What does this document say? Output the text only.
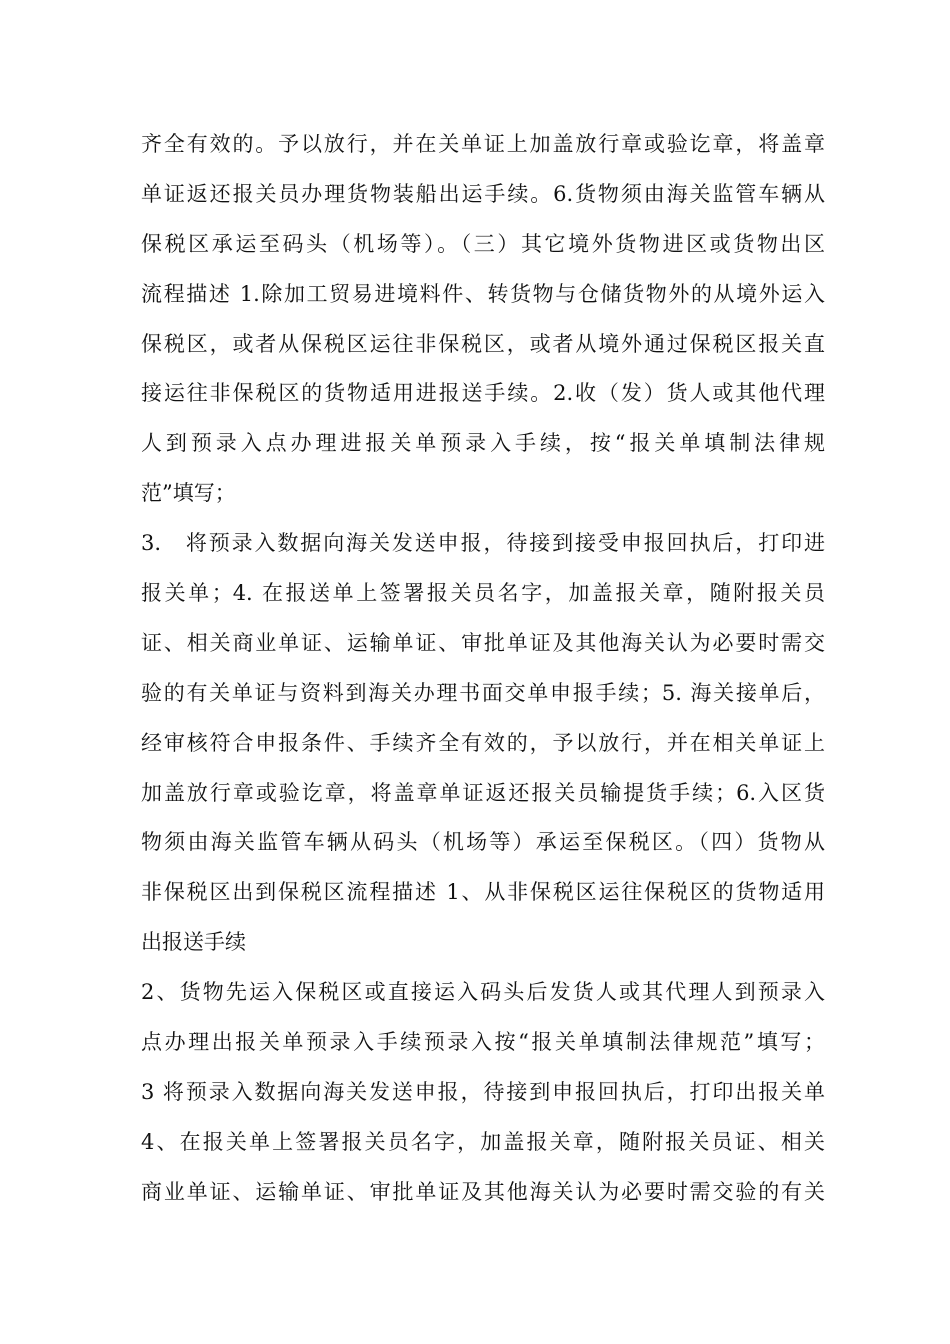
齐全有效的。予以放行，并在关单证上加盖放行章或验讫章，将盖章
单证返还报关员办理货物装船出运手续。6.货物须由海关监管车辆从
保税区承运至码头（机场等）。（三）其它境外货物进区或货物出区
流程描述 1.除加工贸易进境料件、转货物与仓储货物外的从境外运入
保税区，或者从保税区运往非保税区，或者从境外通过保税区报关直
接运往非保税区的货物适用进报送手续。2.收（发）货人或其他代理
人到预录入点办理进报关单预录入手续，按“报关单填制法律规
范”填写；
3.　将预录入数据向海关发送申报，待接到接受申报回执后，打印进
报关单；4. 在报送单上签署报关员名字，加盖报关章，随附报关员
证、相关商业单证、运输单证、审批单证及其他海关认为必要时需交
验的有关单证与资料到海关办理书面交单申报手续；5. 海关接单后，
经审核符合申报条件、手续齐全有效的，予以放行，并在相关单证上
加盖放行章或验讫章，将盖章单证返还报关员输提货手续；6.入区货
物须由海关监管车辆从码头（机场等）承运至保税区。（四）货物从
非保税区出到保税区流程描述 1、从非保税区运往保税区的货物适用
出报送手续
2、货物先运入保税区或直接运入码头后发货人或其代理人到预录入
点办理出报关单预录入手续预录入按“报关单填制法律规范”填写；
3 将预录入数据向海关发送申报，待接到申报回执后，打印出报关单
4、在报关单上签署报关员名字，加盖报关章，随附报关员证、相关
商业单证、运输单证、审批单证及其他海关认为必要时需交验的有关
